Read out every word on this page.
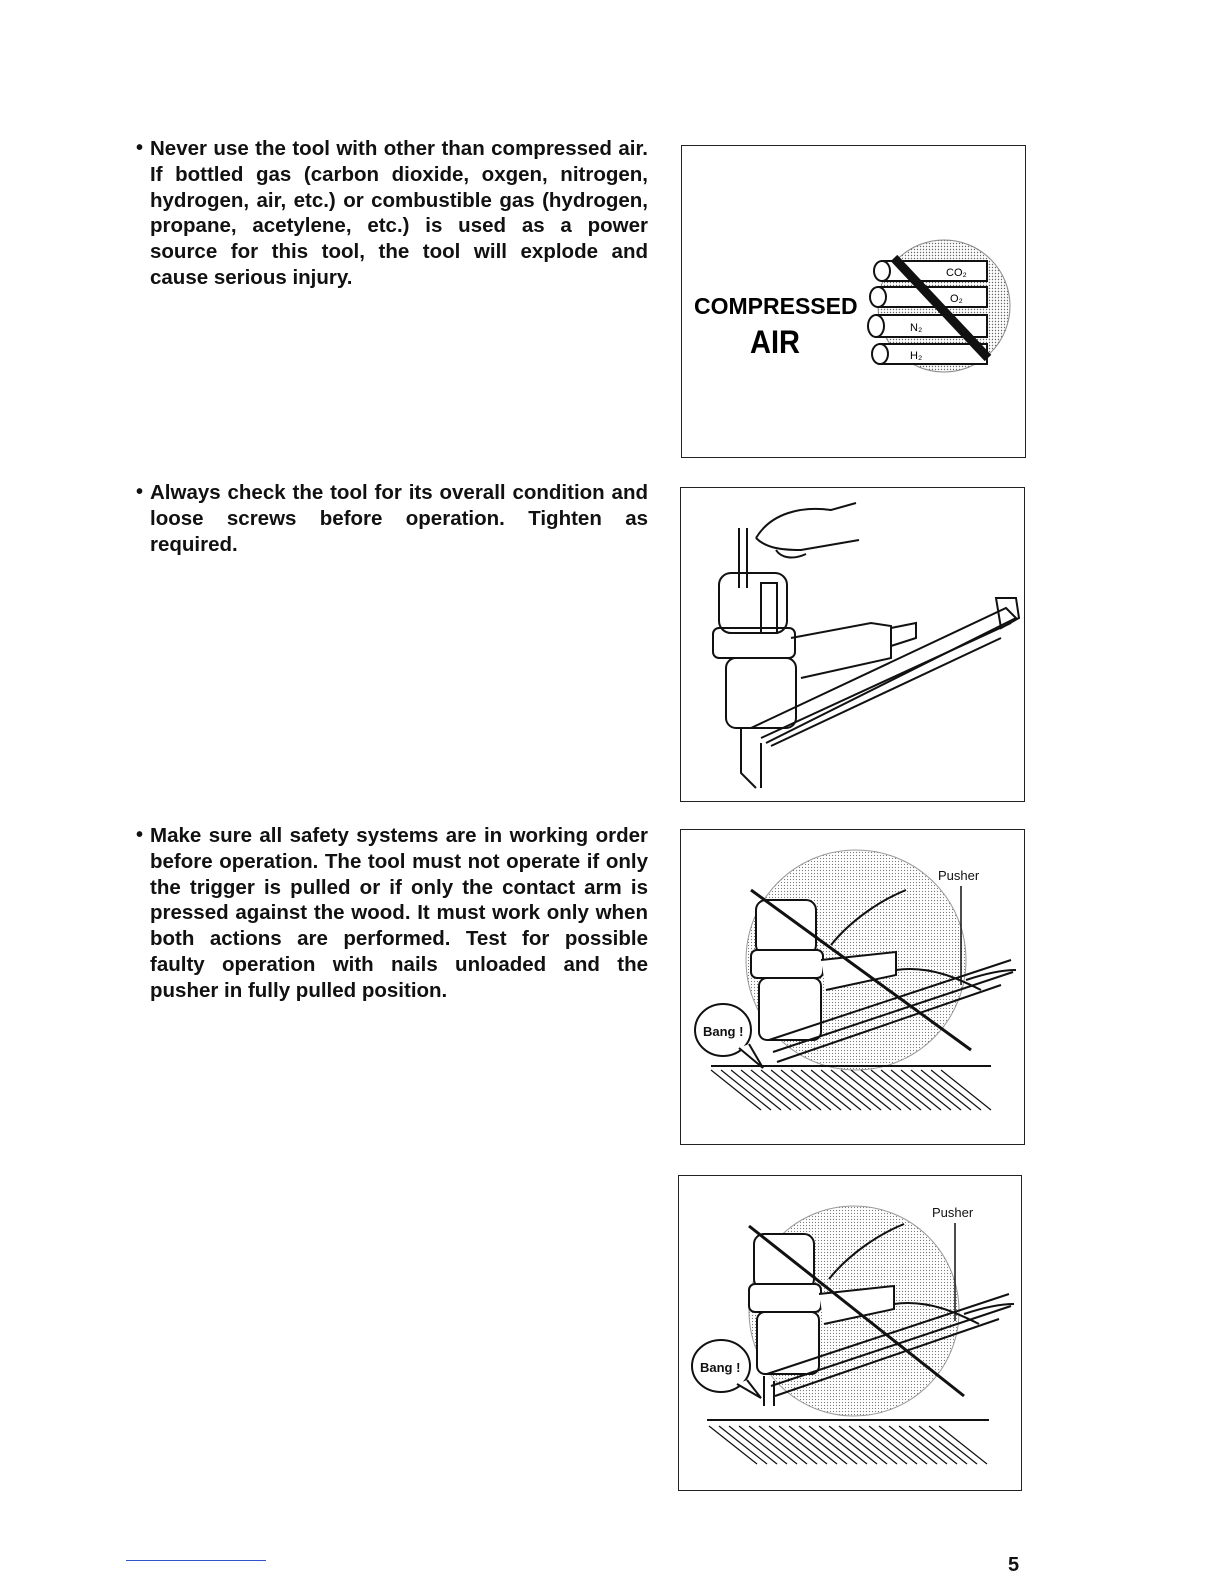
• Never use the tool with other than compressed air. If bottled gas (carbon dioxide, oxgen, nitrogen, hydrogen, air, etc.) or combustible gas (hydrogen, propane, acetylene, etc.) is used as a power source for this tool, the tool will explode and cause serious injury.
COMPRESSED
AIR
CO₂
O₂
N₂
H₂
• Always check the tool for its overall condition and loose screws before operation. Tighten as required.
• Make sure all safety systems are in working order before operation. The tool must not operate if only the trigger is pulled or if only the contact arm is pressed against the wood. It must work only when both actions are performed. Test for possible faulty operation with nails unloaded and the pusher in fully pulled position.
Pusher
Bang !
Pusher
Bang !
5
